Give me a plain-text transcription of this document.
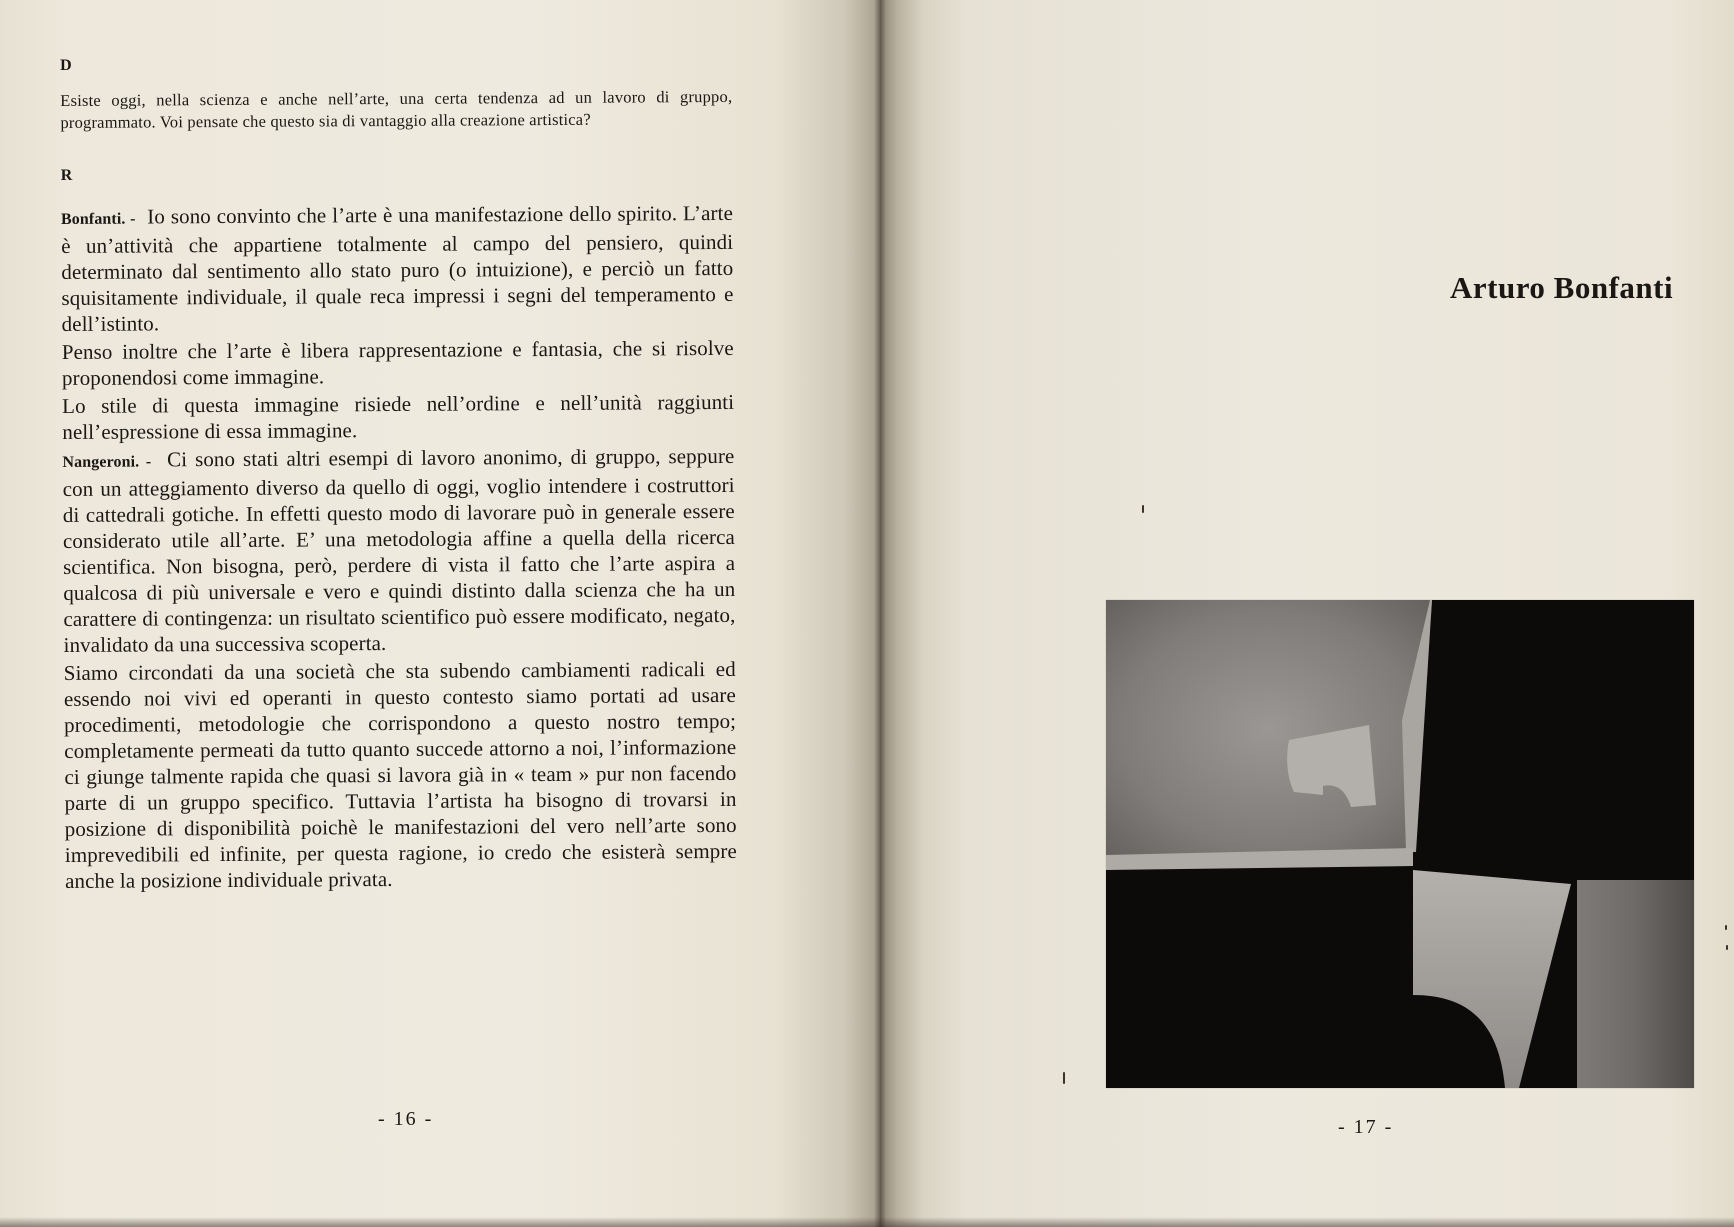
D

Esiste oggi, nella scienza e anche nell’arte, una certa tendenza ad un lavoro di gruppo, programmato. Voi pensate che questo sia di vantaggio alla creazione artistica?

R

Bonfanti. - Io sono convinto che l’arte è una manifestazione dello spirito. L’arte è un’attività che appartiene totalmente al campo del pensiero, quindi determinato dal sentimento allo stato puro (o intuizione), e perciò un fatto squisitamente individuale, il quale reca impressi i segni del temperamento e dell’istinto.

Penso inoltre che l’arte è libera rappresentazione e fantasia, che si risolve proponendosi come immagine.

Lo stile di questa immagine risiede nell’ordine e nell’unità raggiunti nell’espressione di essa immagine.

Nangeroni. - Ci sono stati altri esempi di lavoro anonimo, di gruppo, seppure con un atteggiamento diverso da quello di oggi, voglio intendere i costruttori di cattedrali gotiche. In effetti questo modo di lavorare può in generale essere considerato utile all’arte. E’ una metodologia affine a quella della ricerca scientifica. Non bisogna, però, perdere di vista il fatto che l’arte aspira a qualcosa di più universale e vero e quindi distinto dalla scienza che ha un carattere di contingenza: un risultato scientifico può essere modificato, negato, invalidato da una successiva scoperta.

Siamo circondati da una società che sta subendo cambiamenti radicali ed essendo noi vivi ed operanti in questo contesto siamo portati ad usare procedimenti, metodologie che corrispondono a questo nostro tempo; completamente permeati da tutto quanto succede attorno a noi, l’informazione ci giunge talmente rapida che quasi si lavora già in « team » pur non facendo parte di un gruppo specifico. Tuttavia l’artista ha bisogno di trovarsi in posizione di disponibilità poichè le manifestazioni del vero nell’arte sono imprevedibili ed infinite, per questa ragione, io credo che esisterà sempre anche la posizione individuale privata.

- 16 -
Arturo Bonfanti
- 17 -
